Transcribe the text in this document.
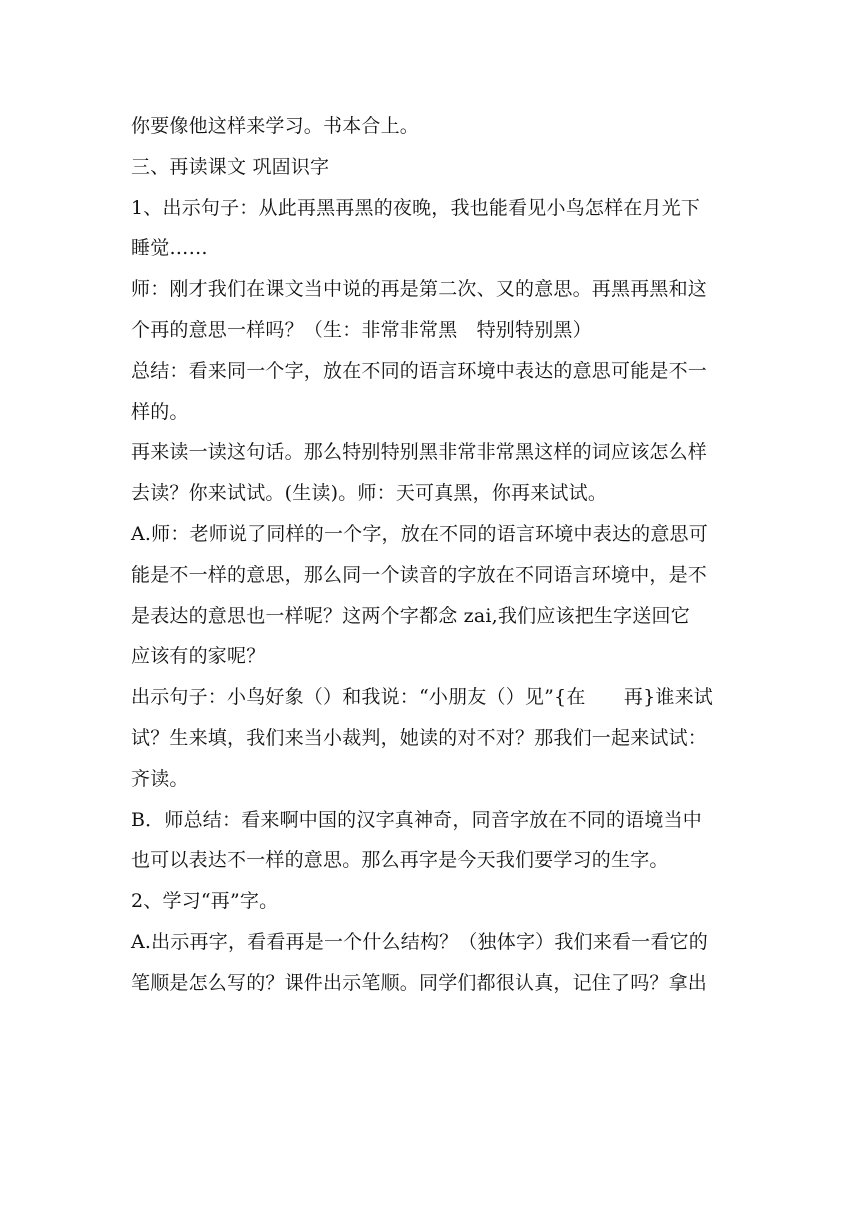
你要像他这样来学习。书本合上。
三、再读课文 巩固识字
1、出示句子：从此再黑再黑的夜晚，我也能看见小鸟怎样在月光下
睡觉……
师：刚才我们在课文当中说的再是第二次、又的意思。再黑再黑和这
个再的意思一样吗？（生：非常非常黑　特别特别黑）
总结：看来同一个字，放在不同的语言环境中表达的意思可能是不一
样的。
再来读一读这句话。那么特别特别黑非常非常黑这样的词应该怎么样
去读？你来试试。(生读)。师：天可真黑，你再来试试。
A.师：老师说了同样的一个字，放在不同的语言环境中表达的意思可
能是不一样的意思，那么同一个读音的字放在不同语言环境中，是不
是表达的意思也一样呢？这两个字都念 zai,我们应该把生字送回它
应该有的家呢？
出示句子：小鸟好象（）和我说：“小朋友（）见”{在　　再}谁来试
试？生来填，我们来当小裁判，她读的对不对？那我们一起来试试：
齐读。
B．师总结：看来啊中国的汉字真神奇，同音字放在不同的语境当中
也可以表达不一样的意思。那么再字是今天我们要学习的生字。
2、学习“再”字。
A.出示再字，看看再是一个什么结构？（独体字）我们来看一看它的
笔顺是怎么写的？课件出示笔顺。同学们都很认真，记住了吗？拿出
